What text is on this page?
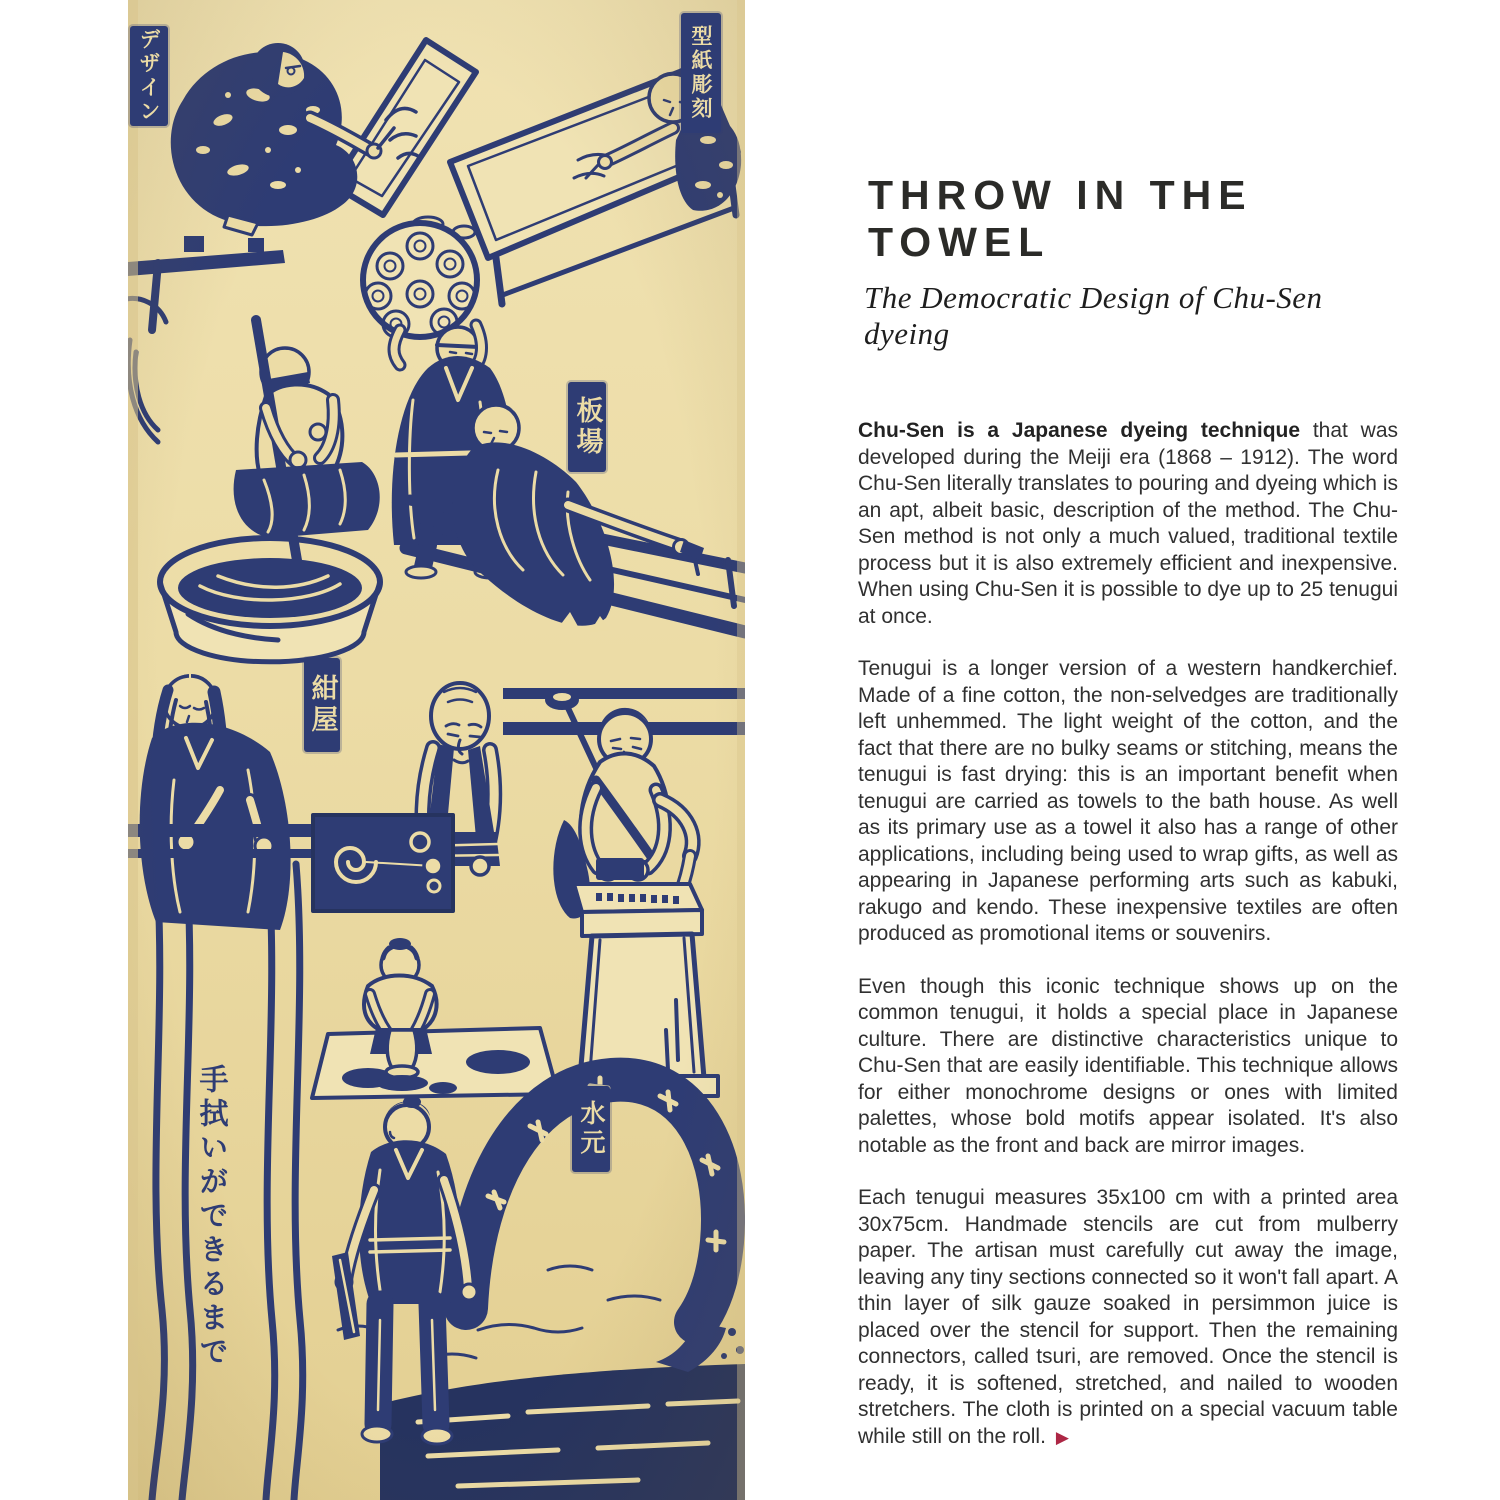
デザイン	型紙彫刻
板場
紺屋
水元
手拭いができるまで
THROW IN THE TOWEL
The Democratic Design of Chu-Sen dyeing

Chu-Sen is a Japanese dyeing technique that was developed during the Meiji era (1868 – 1912). The word Chu-Sen literally translates to pouring and dyeing which is an apt, albeit basic, description of the method. The Chu-Sen method is not only a much valued, traditional textile process but it is also extremely efficient and inexpensive. When using Chu-Sen it is possible to dye up to 25 tenugui at once.

Tenugui is a longer version of a western handkerchief. Made of a fine cotton, the non-selvedges are traditionally left unhemmed. The light weight of the cotton, and the fact that there are no bulky seams or stitching, means the tenugui is fast drying: this is an important benefit when tenugui are carried as towels to the bath house. As well as its primary use as a towel it also has a range of other applications, including being used to wrap gifts, as well as appearing in Japanese performing arts such as kabuki, rakugo and kendo. These inexpensive textiles are often produced as promotional items or souvenirs.

Even though this iconic technique shows up on the common tenugui, it holds a special place in Japanese culture. There are distinctive characteristics unique to Chu-Sen that are easily identifiable. This technique allows for either monochrome designs or ones with limited palettes, whose bold motifs appear isolated. It's also notable as the front and back are mirror images.

Each tenugui measures 35x100 cm with a printed area 30x75cm. Handmade stencils are cut from mulberry paper. The artisan must carefully cut away the image, leaving any tiny sections connected so it won't fall apart. A thin layer of silk gauze soaked in persimmon juice is placed over the stencil for support. Then the remaining connectors, called tsuri, are removed. Once the stencil is ready, it is softened, stretched, and nailed to wooden stretchers. The cloth is printed on a special vacuum table while still on the roll. ▶
